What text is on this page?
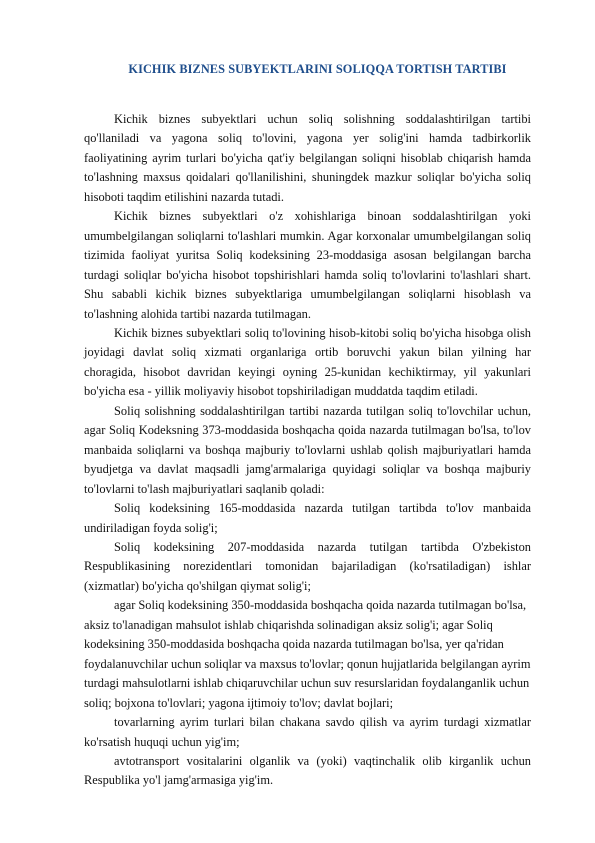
KICHIK BIZNES SUBYEKTLARINI SOLIQQA TORTISH TARTIBI

Kichik biznes subyektlari uchun soliq solishning soddalashtirilgan tartibi qo'llaniladi va yagona soliq to'lovini, yagona yer solig'ini hamda tadbirkorlik faoliyatining ayrim turlari bo'yicha qat'iy belgilangan soliqni hisoblab chiqarish hamda to'lashning maxsus qoidalari qo'llanilishini, shuningdek mazkur soliqlar bo'yicha soliq hisoboti taqdim etilishini nazarda tutadi.

Kichik biznes subyektlari o'z xohishlariga binoan soddalashtirilgan yoki umumbelgilangan soliqlarni to'lashlari mumkin. Agar korxonalar umumbelgilangan soliq tizimida faoliyat yuritsa Soliq kodeksining 23-moddasiga asosan belgilangan barcha turdagi soliqlar bo'yicha hisobot topshirishlari hamda soliq to'lovlarini to'lashlari shart. Shu sababli kichik biznes subyektlariga umumbelgilangan soliqlarni hisoblash va to'lashning alohida tartibi nazarda tutilmagan.

Kichik biznes subyektlari soliq to'lovining hisob-kitobi soliq bo'yicha hisobga olish joyidagi davlat soliq xizmati organlariga ortib boruvchi yakun bilan yilning har choragida, hisobot davridan keyingi oyning 25-kunidan kechiktirmay, yil yakunlari bo'yicha esa - yillik moliyaviy hisobot topshiriladigan muddatda taqdim etiladi.

Soliq solishning soddalashtirilgan tartibi nazarda tutilgan soliq to'lovchilar uchun, agar Soliq Kodeksning 373-moddasida boshqacha qoida nazarda tutilmagan bo'lsa, to'lov manbaida soliqlarni va boshqa majburiy to'lovlarni ushlab qolish majburiyatlari hamda byudjetga va davlat maqsadli jamg'armalariga quyidagi soliqlar va boshqa majburiy to'lovlarni to'lash majburiyatlari saqlanib qoladi:

Soliq kodeksining 165-moddasida nazarda tutilgan tartibda to'lov manbaida undiriladigan foyda solig'i;

Soliq kodeksining 207-moddasida nazarda tutilgan tartibda O'zbekiston Respublikasining norezidentlari tomonidan bajariladigan (ko'rsatiladigan) ishlar (xizmatlar) bo'yicha qo'shilgan qiymat solig'i;

agar Soliq kodeksining 350-moddasida boshqacha qoida nazarda tutilmagan bo'lsa, aksiz to'lanadigan mahsulot ishlab chiqarishda solinadigan aksiz solig'i; agar Soliq kodeksining 350-moddasida boshqacha qoida nazarda tutilmagan bo'lsa, yer qa'ridan foydalanuvchilar uchun soliqlar va maxsus to'lovlar; qonun hujjatlarida belgilangan ayrim turdagi mahsulotlarni ishlab chiqaruvchilar uchun suv resurslaridan foydalanganlik uchun soliq; bojxona to'lovlari; yagona ijtimoiy to'lov; davlat bojlari;

tovarlarning ayrim turlari bilan chakana savdo qilish va ayrim turdagi xizmatlar ko'rsatish huquqi uchun yig'im;

avtotransport vositalarini olganlik va (yoki) vaqtinchalik olib kirganlik uchun Respublika yo'l jamg'armasiga yig'im.
